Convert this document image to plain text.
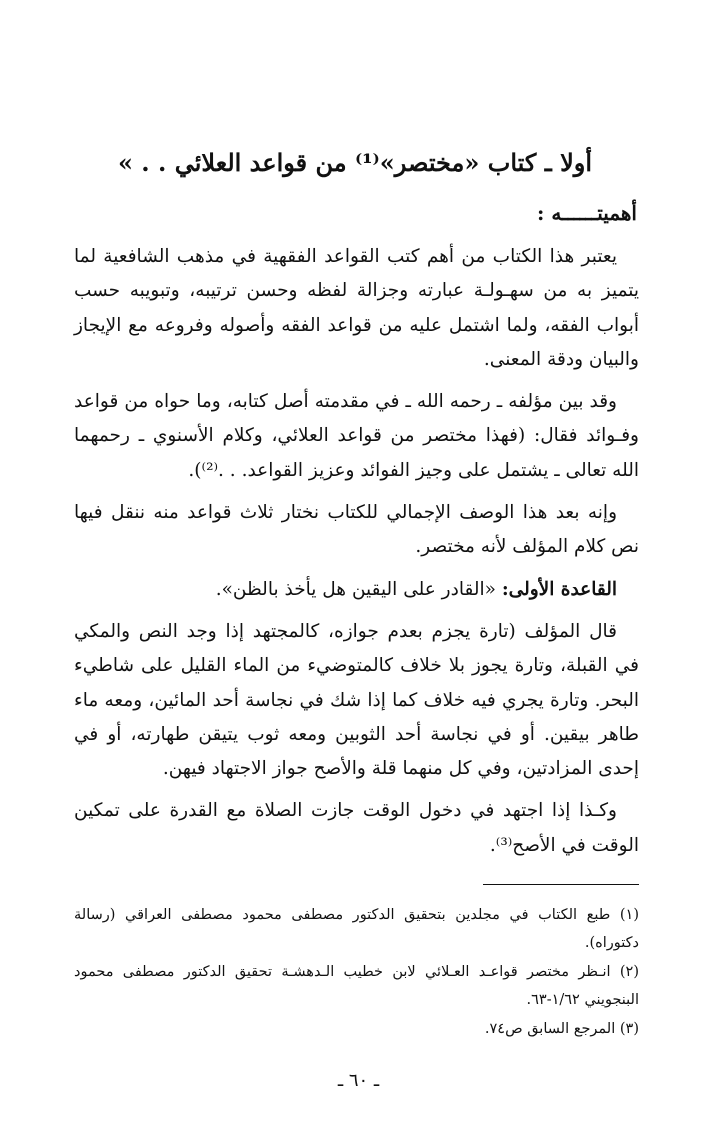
أولا ـ كتاب «مختصر»⁽¹⁾ من قواعد العلائي . . »
أهميتــــــه :

يعتبر هذا الكتاب من أهم كتب القواعد الفقهية في مذهب الشافعية لما يتميز به من سهـولـة عبارته وجزالة لفظه وحسن ترتيبه، وتبويبه حسب أبواب الفقه، ولما اشتمل عليه من قواعد الفقه وأصوله وفروعه مع الإيجاز والبيان ودقة المعنى.

وقد بين مؤلفه ـ رحمه الله ـ في مقدمته أصل كتابه، وما حواه من قواعد وفـوائد فقال: (فهذا مختصر من قواعد العلائي، وكلام الأسنوي ـ رحمهما الله تعالى ـ يشتمل على وجيز الفوائد وعزيز القواعد. . .⁽²⁾).

وإنه بعد هذا الوصف الإجمالي للكتاب نختار ثلاث قواعد منه ننقل فيها نص كلام المؤلف لأنه مختصر.

القاعدة الأولى: «القادر على اليقين هل يأخذ بالظن».

قال المؤلف (تارة يجزم بعدم جوازه، كالمجتهد إذا وجد النص والمكي في القبلة، وتارة يجوز بلا خلاف كالمتوضيء من الماء القليل على شاطيء البحر. وتارة يجري فيه خلاف كما إذا شك في نجاسة أحد المائين، ومعه ماء طاهر بيقين. أو في نجاسة أحد الثوبين ومعه ثوب يتيقن طهارته، أو في إحدى المزادتين، وفي كل منهما قلة والأصح جواز الاجتهاد فيهن.

وكـذا إذا اجتهد في دخول الوقت جازت الصلاة مع القدرة على تمكين الوقت في الأصح⁽³⁾.

(١) طبع الكتاب في مجلدين بتحقيق الدكتور مصطفى محمود مصطفى العراقي (رسالة دكتوراه).
(٢) انـظر مختصر قواعـد العـلائي لابن خطيب الـدهشـة تحقيق الدكتور مصطفى محمود البنجويني ١/٦٢-٦٣.
(٣) المرجع السابق ص٧٤.
ـ ٦٠ ـ
